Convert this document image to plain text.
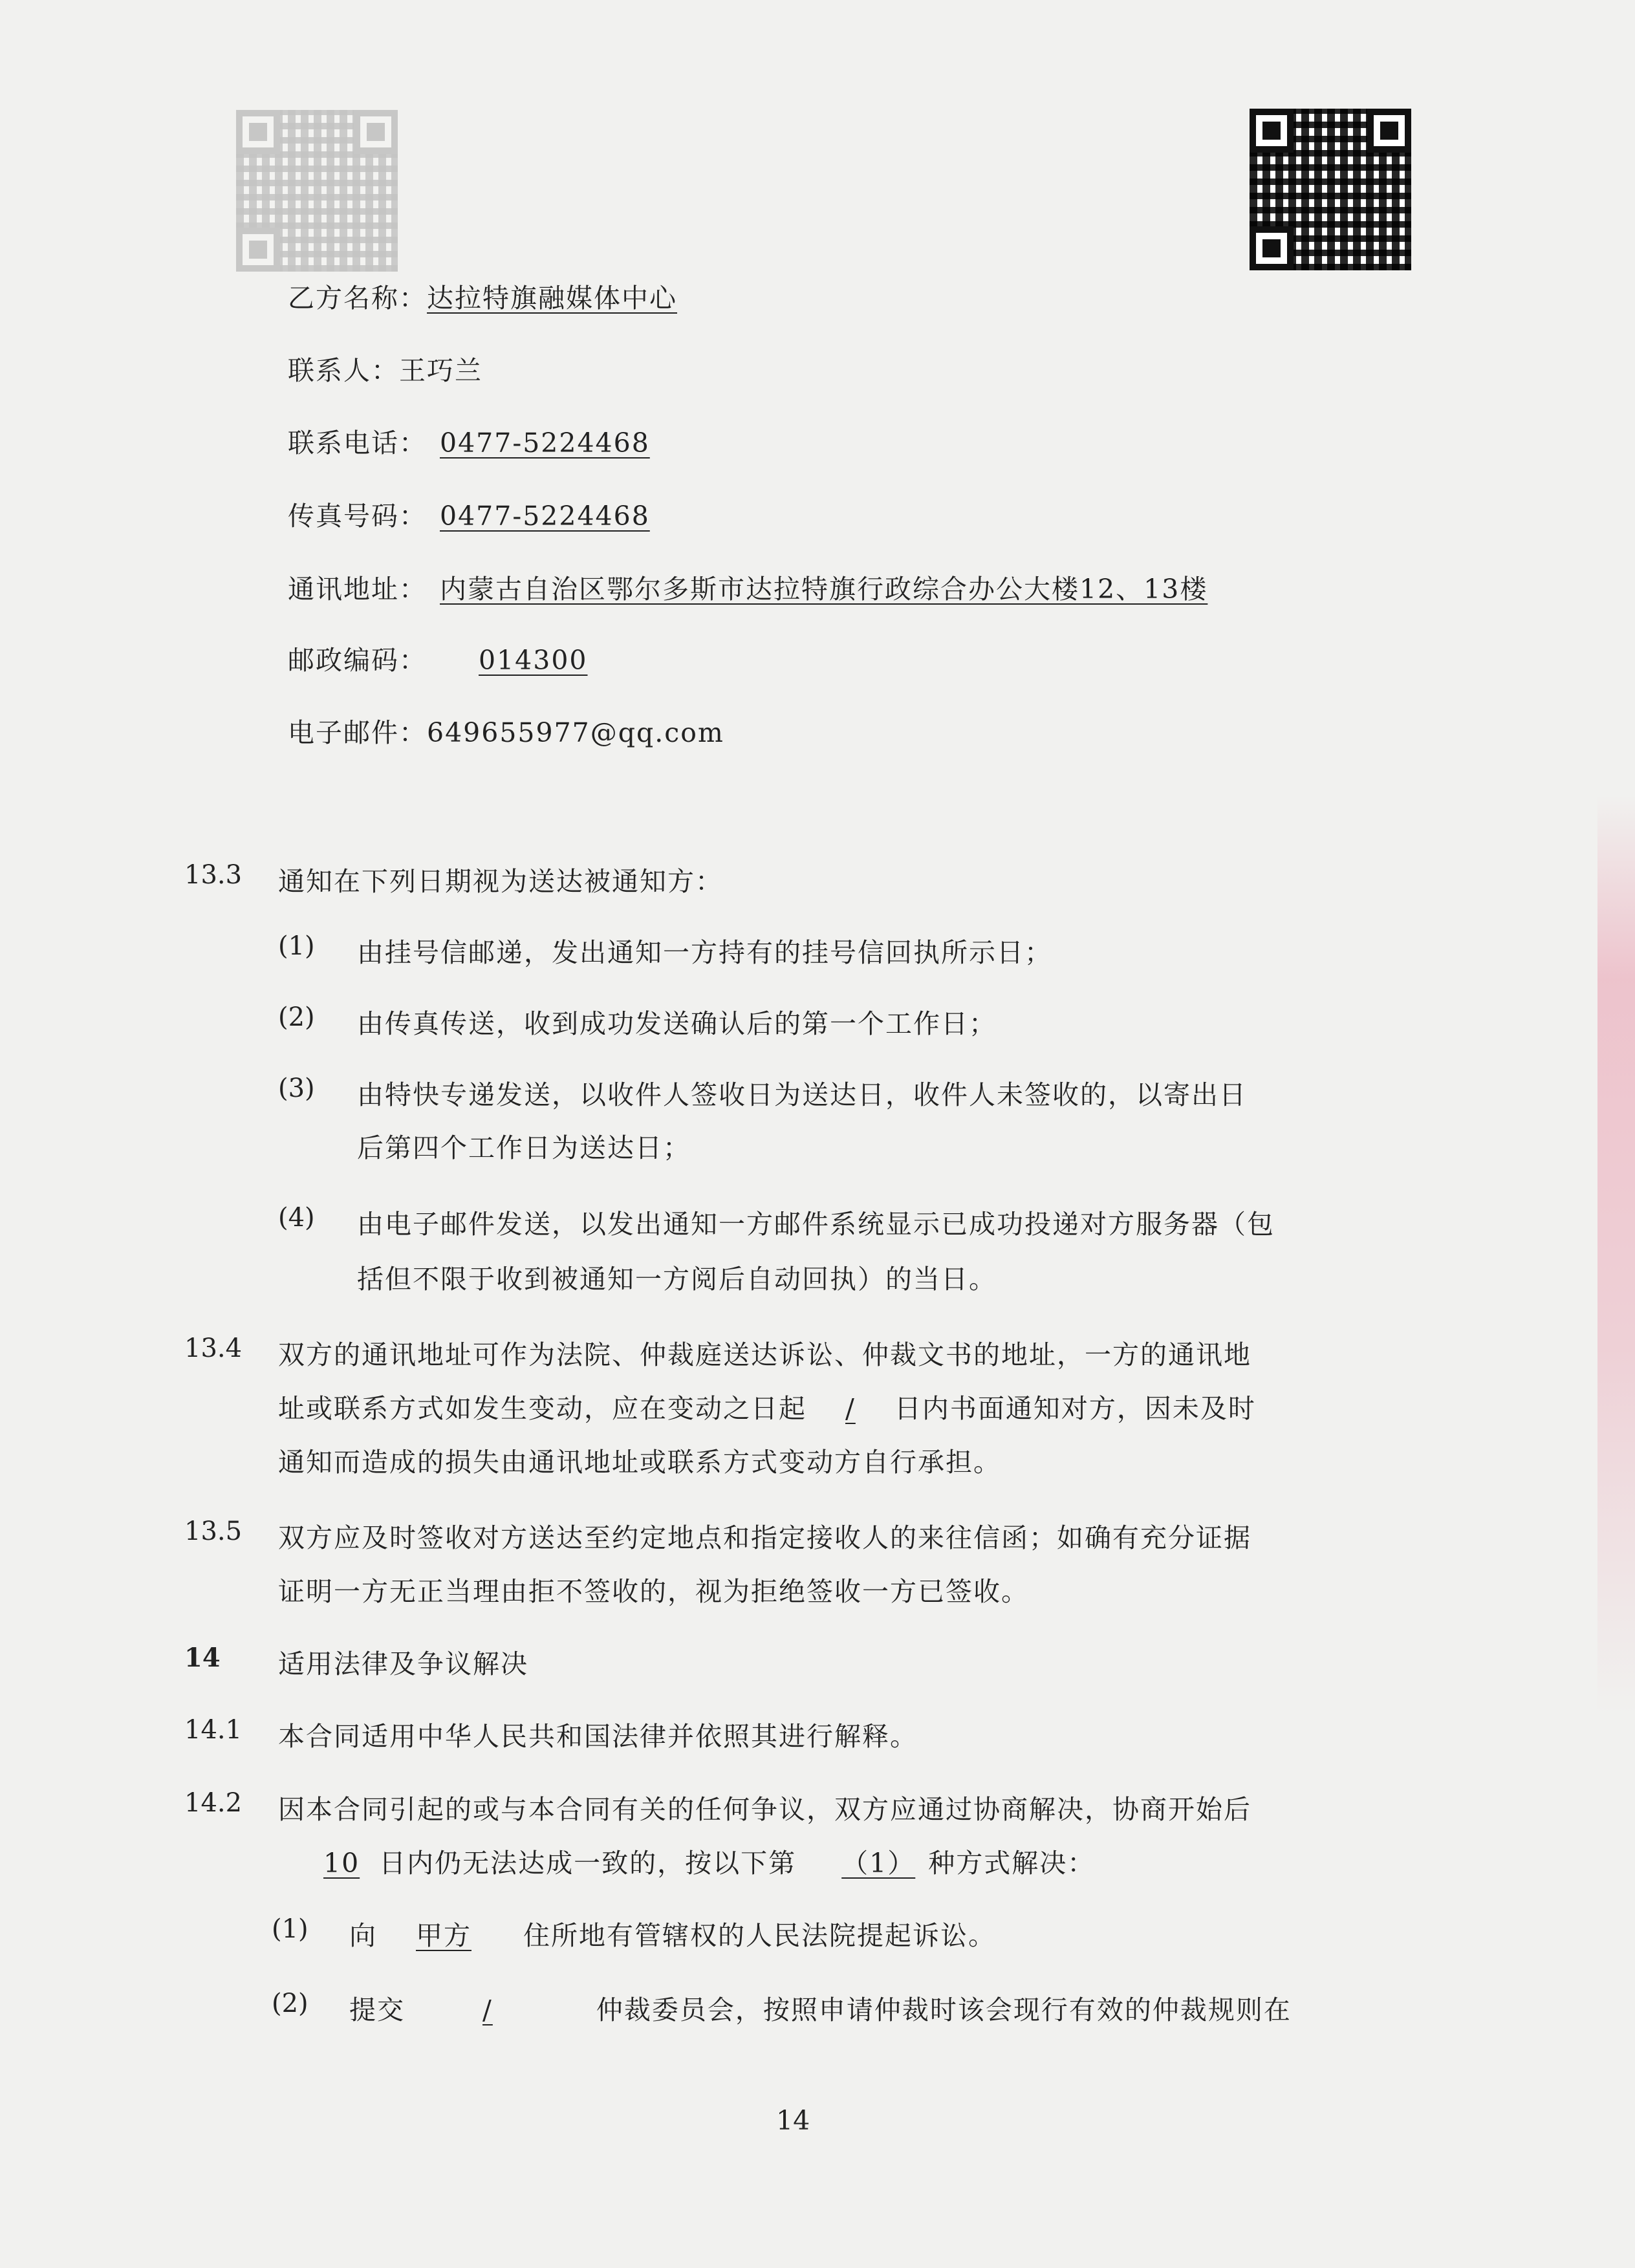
乙方名称：达拉特旗融媒体中心
联系人：王巧兰
联系电话： 0477-5224468
传真号码： 0477-5224468
通讯地址： 内蒙古自治区鄂尔多斯市达拉特旗行政综合办公大楼12、13楼
邮政编码： 014300
电子邮件：649655977@qq.com
13.3 通知在下列日期视为送达被通知方：
(1) 由挂号信邮递，发出通知一方持有的挂号信回执所示日；
(2) 由传真传送，收到成功发送确认后的第一个工作日；
(3) 由特快专递发送，以收件人签收日为送达日，收件人未签收的，以寄出日
后第四个工作日为送达日；
(4) 由电子邮件发送，以发出通知一方邮件系统显示已成功投递对方服务器（包
括但不限于收到被通知一方阅后自动回执）的当日。
13.4 双方的通讯地址可作为法院、仲裁庭送达诉讼、仲裁文书的地址，一方的通讯地
址或联系方式如发生变动，应在变动之日起 / 日内书面通知对方，因未及时
通知而造成的损失由通讯地址或联系方式变动方自行承担。
13.5 双方应及时签收对方送达至约定地点和指定接收人的来往信函；如确有充分证据
证明一方无正当理由拒不签收的，视为拒绝签收一方已签收。
14 适用法律及争议解决
14.1 本合同适用中华人民共和国法律并依照其进行解释。
14.2 因本合同引起的或与本合同有关的任何争议，双方应通过协商解决，协商开始后
10 日内仍无法达成一致的，按以下第 （1） 种方式解决：
(1) 向 甲方 住所地有管辖权的人民法院提起诉讼。
(2) 提交	/	仲裁委员会，按照申请仲裁时该会现行有效的仲裁规则在
14
